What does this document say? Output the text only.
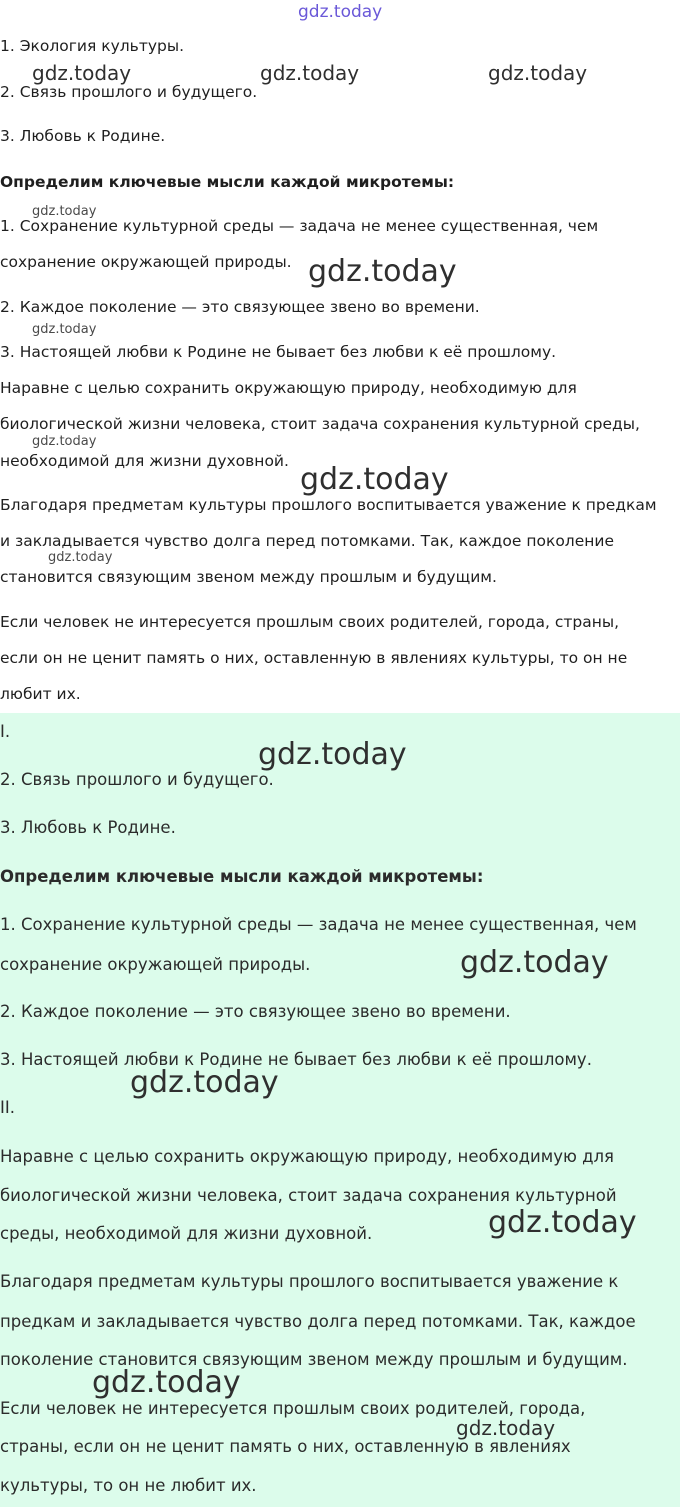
gdz.today
1. Экология культуры.
2. Связь прошлого и будущего.
3. Любовь к Родине.
Определим ключевые мысли каждой микротемы:
1. Сохранение культурной среды — задача не менее существенная, чем
сохранение окружающей природы.
2. Каждое поколение — это связующее звено во времени.
3. Настоящей любви к Родине не бывает без любви к её прошлому.
Наравне с целью сохранить окружающую природу, необходимую для
биологической жизни человека, стоит задача сохранения культурной среды,
необходимой для жизни духовной.
Благодаря предметам культуры прошлого воспитывается уважение к предкам
и закладывается чувство долга перед потомками. Так, каждое поколение
становится связующим звеном между прошлым и будущим.
Если человек не интересуется прошлым своих родителей, города, страны,
если он не ценит память о них, оставленную в явлениях культуры, то он не
любит их.
gdz.today	gdz.today	gdz.today
gdz.today
gdz.today
gdz.today
gdz.today
gdz.today
gdz.today
I.
2. Связь прошлого и будущего.
3. Любовь к Родине.
Определим ключевые мысли каждой микротемы:
1. Сохранение культурной среды — задача не менее существенная, чем
сохранение окружающей природы.
2. Каждое поколение — это связующее звено во времени.
3. Настоящей любви к Родине не бывает без любви к её прошлому.
II.
Наравне с целью сохранить окружающую природу, необходимую для
биологической жизни человека, стоит задача сохранения культурной
среды, необходимой для жизни духовной.
Благодаря предметам культуры прошлого воспитывается уважение к
предкам и закладывается чувство долга перед потомками. Так, каждое
поколение становится связующим звеном между прошлым и будущим.
Если человек не интересуется прошлым своих родителей, города,
страны, если он не ценит память о них, оставленную в явлениях
культуры, то он не любит их.
gdz.today
gdz.today
gdz.today
gdz.today
gdz.today
gdz.today
